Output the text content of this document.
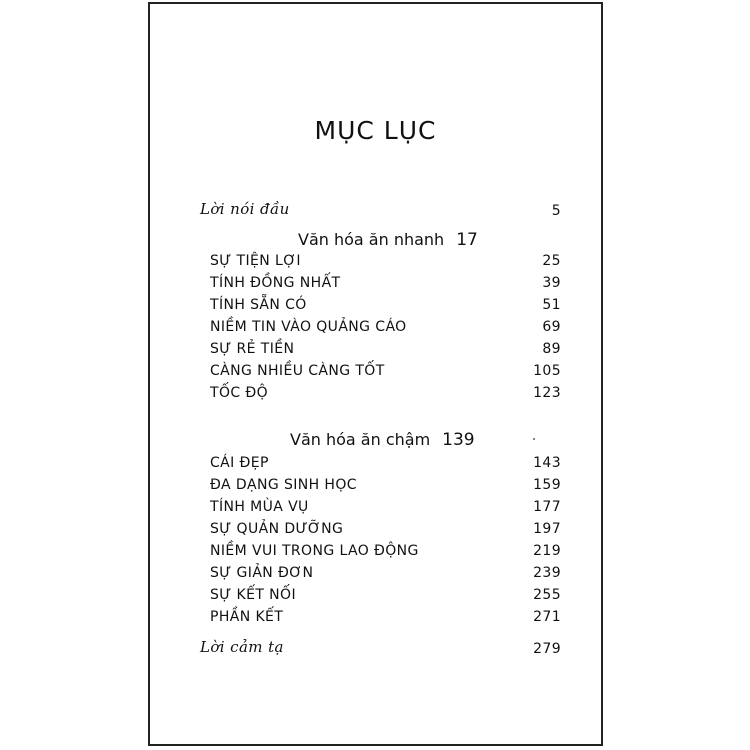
MỤC LỤC
Lời nói đầu	5
Văn hóa ăn nhanh 17
SỰ TIỆN LỢI	25
TÍNH ĐỒNG NHẤT	39
TÍNH SẴN CÓ	51
NIỀM TIN VÀO QUẢNG CÁO	69
SỰ RẺ TIỀN	89
CÀNG NHIỀU CÀNG TỐT	105
TỐC ĐỘ	123
Văn hóa ăn chậm 139
CÁI ĐẸP	143
ĐA DẠNG SINH HỌC	159
TÍNH MÙA VỤ	177
SỰ QUẢN DƯỠNG	197
NIỀM VUI TRONG LAO ĐỘNG	219
SỰ GIẢN ĐƠN	239
SỰ KẾT NỐI	255
PHẦN KẾT	271
Lời cảm tạ	279
